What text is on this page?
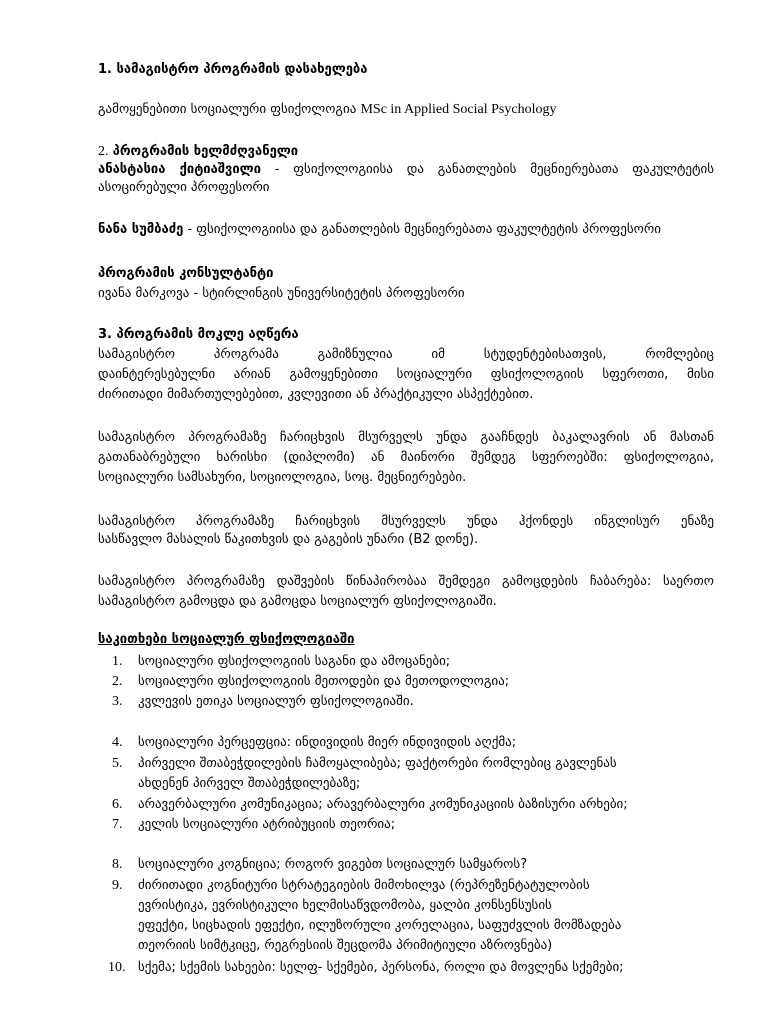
1. სამაგისტრო პროგრამის დასახელება
გამოყენებითი სოციალური ფსიქოლოგია MSc in Applied Social Psychology
2. პროგრამის ხელმძღვანელი
ანასტასია ქიტიაშვილი - ფსიქოლოგიისა და განათლების მეცნიერებათა ფაკულტეტის
ასოცირებული პროფესორი
ნანა სუმბაძე - ფსიქოლოგიისა და განათლების მეცნიერებათა ფაკულტეტის პროფესორი
პროგრამის კონსულტანტი
ივანა მარკოვა - სტირლინგის უნივერსიტეტის პროფესორი
3. პროგრამის მოკლე აღწერა
სამაგისტრო პროგრამა გამიზნულია იმ სტუდენტებისათვის, რომლებიც
დაინტერესებულნი არიან გამოყენებითი სოციალური ფსიქოლოგიის სფეროთი, მისი
ძირითადი მიმართულებებით, კვლევითი ან პრაქტიკული ასპექტებით.
სამაგისტრო პროგრამაზე ჩარიცხვის მსურველს უნდა გააჩნდეს ბაკალავრის ან მასთან
გათანაბრებული ხარისხი (დიპლომი) ან მაინორი შემდეგ სფეროებში: ფსიქოლოგია,
სოციალური სამსახური, სოციოლოგია, სოც. მეცნიერებები.
სამაგისტრო პროგრამაზე ჩარიცხვის მსურველს უნდა ჰქონდეს ინგლისურ ენაზე
სასწავლო მასალის წაკითხვის და გაგების უნარი (B2 დონე).
სამაგისტრო პროგრამაზე დაშვების წინაპირობაა შემდეგი გამოცდების ჩაბარება: საერთო
სამაგისტრო გამოცდა და გამოცდა სოციალურ ფსიქოლოგიაში.
საკითხები სოციალურ ფსიქოლოგიაში
1.	სოციალური ფსიქოლოგიის საგანი და ამოცანები;
2.	სოციალური ფსიქოლოგიის მეთოდები და მეთოდოლოგია;
3.	კვლევის ეთიკა სოციალურ ფსიქოლოგიაში.
4.	სოციალური პერცეფცია: ინდივიდის მიერ ინდივიდის აღქმა;
5.	პირველი შთაბეჭდილების ჩამოყალიბება; ფაქტორები რომლებიც გავლენას
ახდენენ პირველ შთაბეჭდილებაზე;
6.	არავერბალური კომუნიკაცია; არავერბალური კომუნიკაციის ბაზისური არხები;
7.	კელის სოციალური ატრიბუციის თეორია;
8.	სოციალური კოგნიცია; როგორ ვიგებთ სოციალურ სამყაროს?
9.	ძირითადი კოგნიტური სტრატეგიების მიმოხილვა (რეპრეზენტატულობის
ევრისტიკა, ევრისტიკული ხელმისაწვდომობა, ყალბი კონსენსუსის
ეფექტი, სიცხადის ეფექტი, ილუზორული კორელაცია, საფუძვლის მომზადება
თეორიის სიმტკიცე, რეგრესიის შეცდომა პრიმიტიული აზროვნება)
10. სქემა; სქემის სახეები: სელფ- სქემები, პერსონა, როლი და მოვლენა სქემები;
